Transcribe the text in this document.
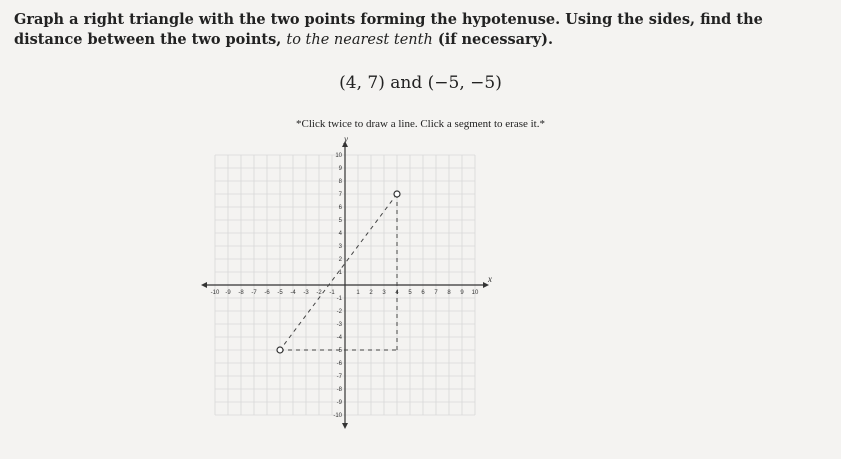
Graph a right triangle with the two points forming the hypotenuse. Using the sides, find the distance between the two points, to the nearest tenth (if necessary).
(4, 7) and (−5, −5)
*Click twice to draw a line. Click a segment to erase it.*
-10 -9 -8 -7 -6 -5 -4 -3 -2 -1	1 2 3 4 5 6 7 8 9 10
1
2
3
4
5
6
7
8
9
10
-1
-2
-3
-4
-5
-6
-7
-8
-9
-10
y
x
